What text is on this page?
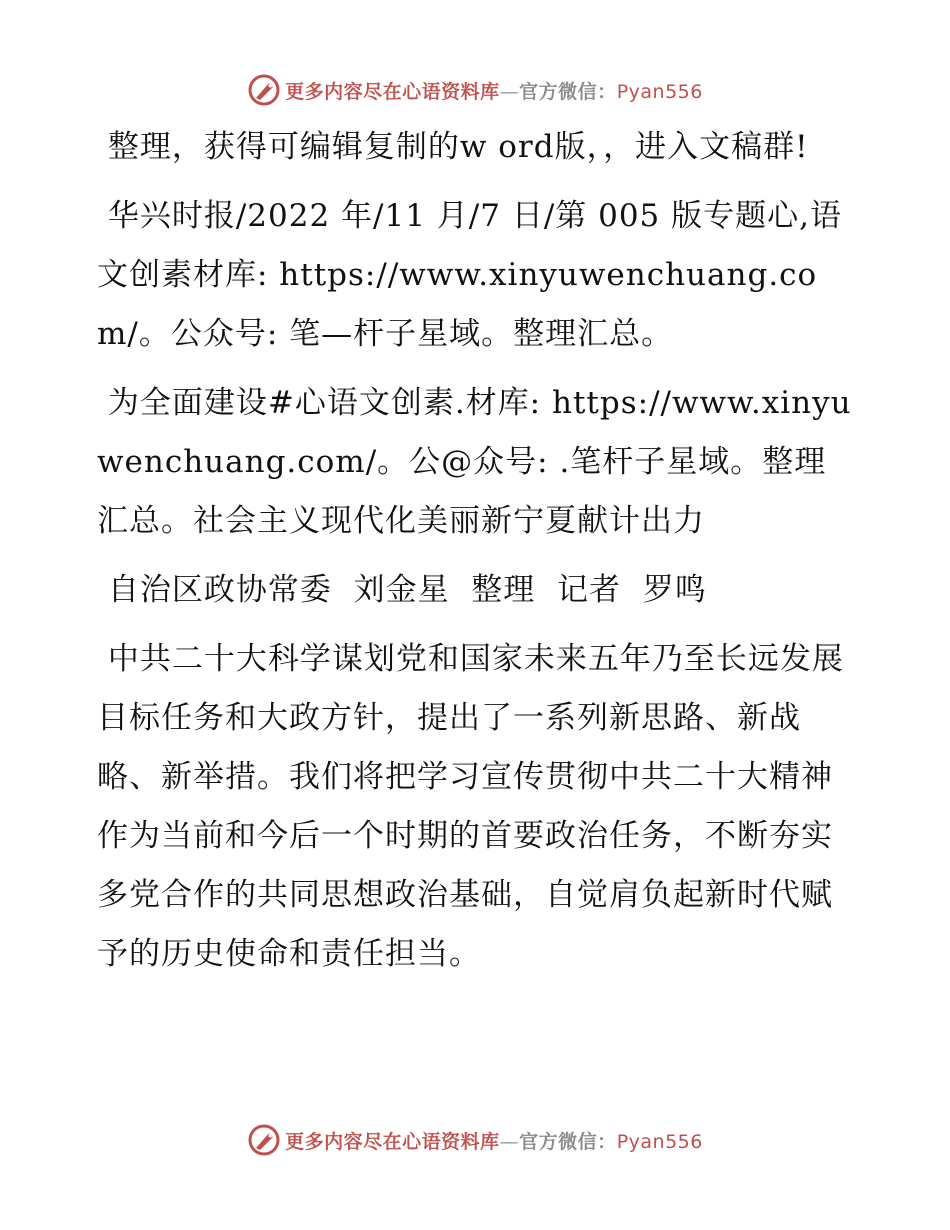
更多内容尽在心语资料库—官方微信：Pyan556

整理，获得可编辑复制的w ord版，，进入文稿群!

华兴时报/2022 年/11 月/7 日/第 005 版专题心,语文创素材库: https://www.xinyuwenchuang.com/。公众号: 笔—杆子星域。整理汇总。

为全面建设#心语文创素.材库: https://www.xinyuwenchuang.com/。公@众号: .笔杆子星域。整理汇总。社会主义现代化美丽新宁夏献计出力

自治区政协常委  刘金星  整理  记者  罗鸣

中共二十大科学谋划党和国家未来五年乃至长远发展目标任务和大政方针，提出了一系列新思路、新战略、新举措。我们将把学习宣传贯彻中共二十大精神作为当前和今后一个时期的首要政治任务，不断夯实多党合作的共同思想政治基础，自觉肩负起新时代赋予的历史使命和责任担当。

更多内容尽在心语资料库—官方微信：Pyan556
